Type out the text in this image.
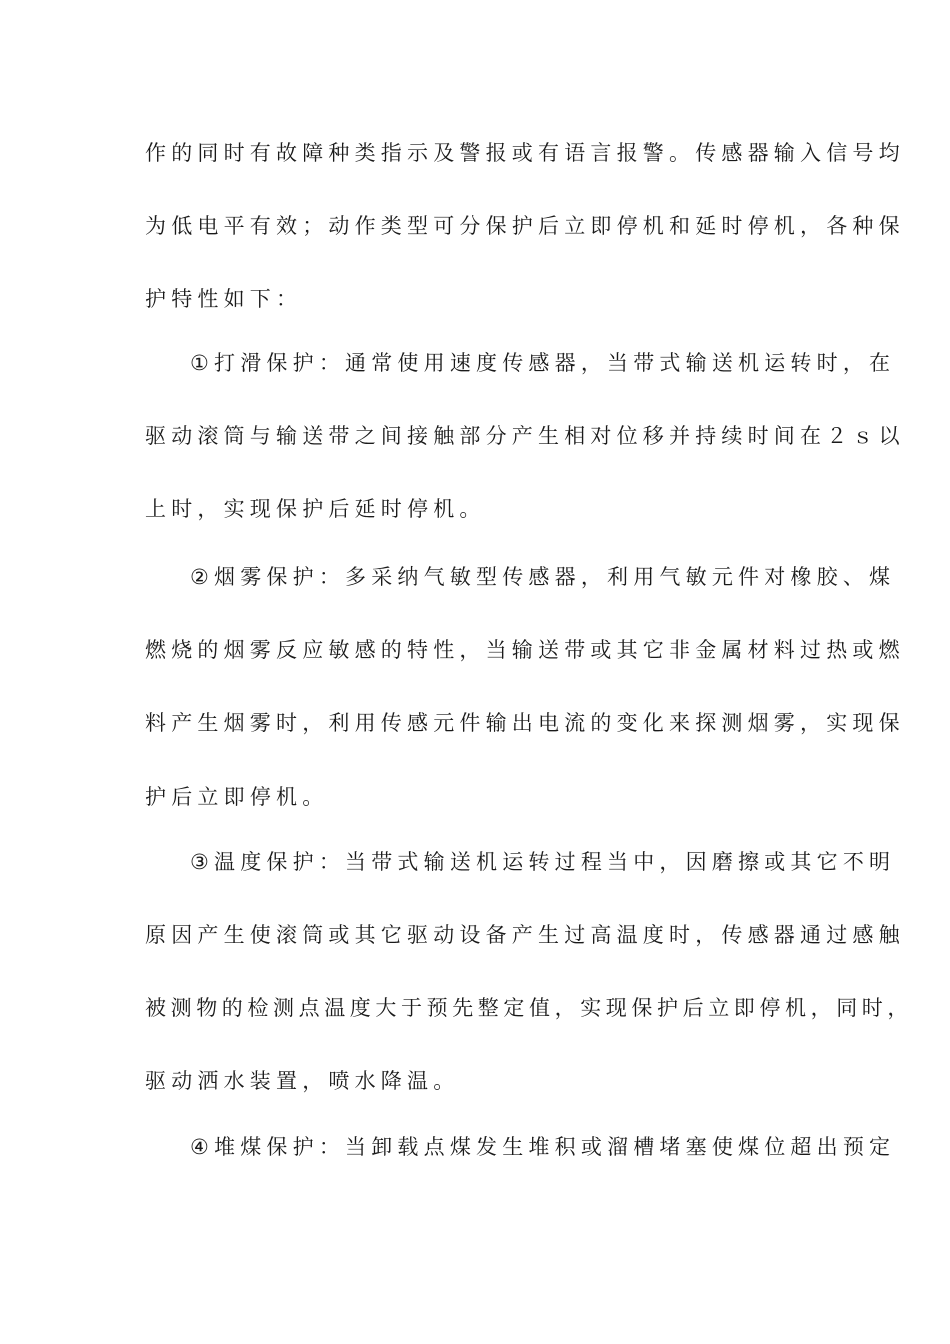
作的同时有故障种类指示及警报或有语言报警。传感器输入信号均
为低电平有效；动作类型可分保护后立即停机和延时停机，各种保
护特性如下：
①打滑保护：通常使用速度传感器，当带式输送机运转时，在
驱动滚筒与输送带之间接触部分产生相对位移并持续时间在２ｓ以
上时，实现保护后延时停机。
②烟雾保护：多采纳气敏型传感器，利用气敏元件对橡胶、煤
燃烧的烟雾反应敏感的特性，当输送带或其它非金属材料过热或燃
料产生烟雾时，利用传感元件输出电流的变化来探测烟雾，实现保
护后立即停机。
③温度保护：当带式输送机运转过程当中，因磨擦或其它不明
原因产生使滚筒或其它驱动设备产生过高温度时，传感器通过感触
被测物的检测点温度大于预先整定值，实现保护后立即停机，同时，
驱动洒水装置，喷水降温。
④堆煤保护：当卸载点煤发生堆积或溜槽堵塞使煤位超出预定
